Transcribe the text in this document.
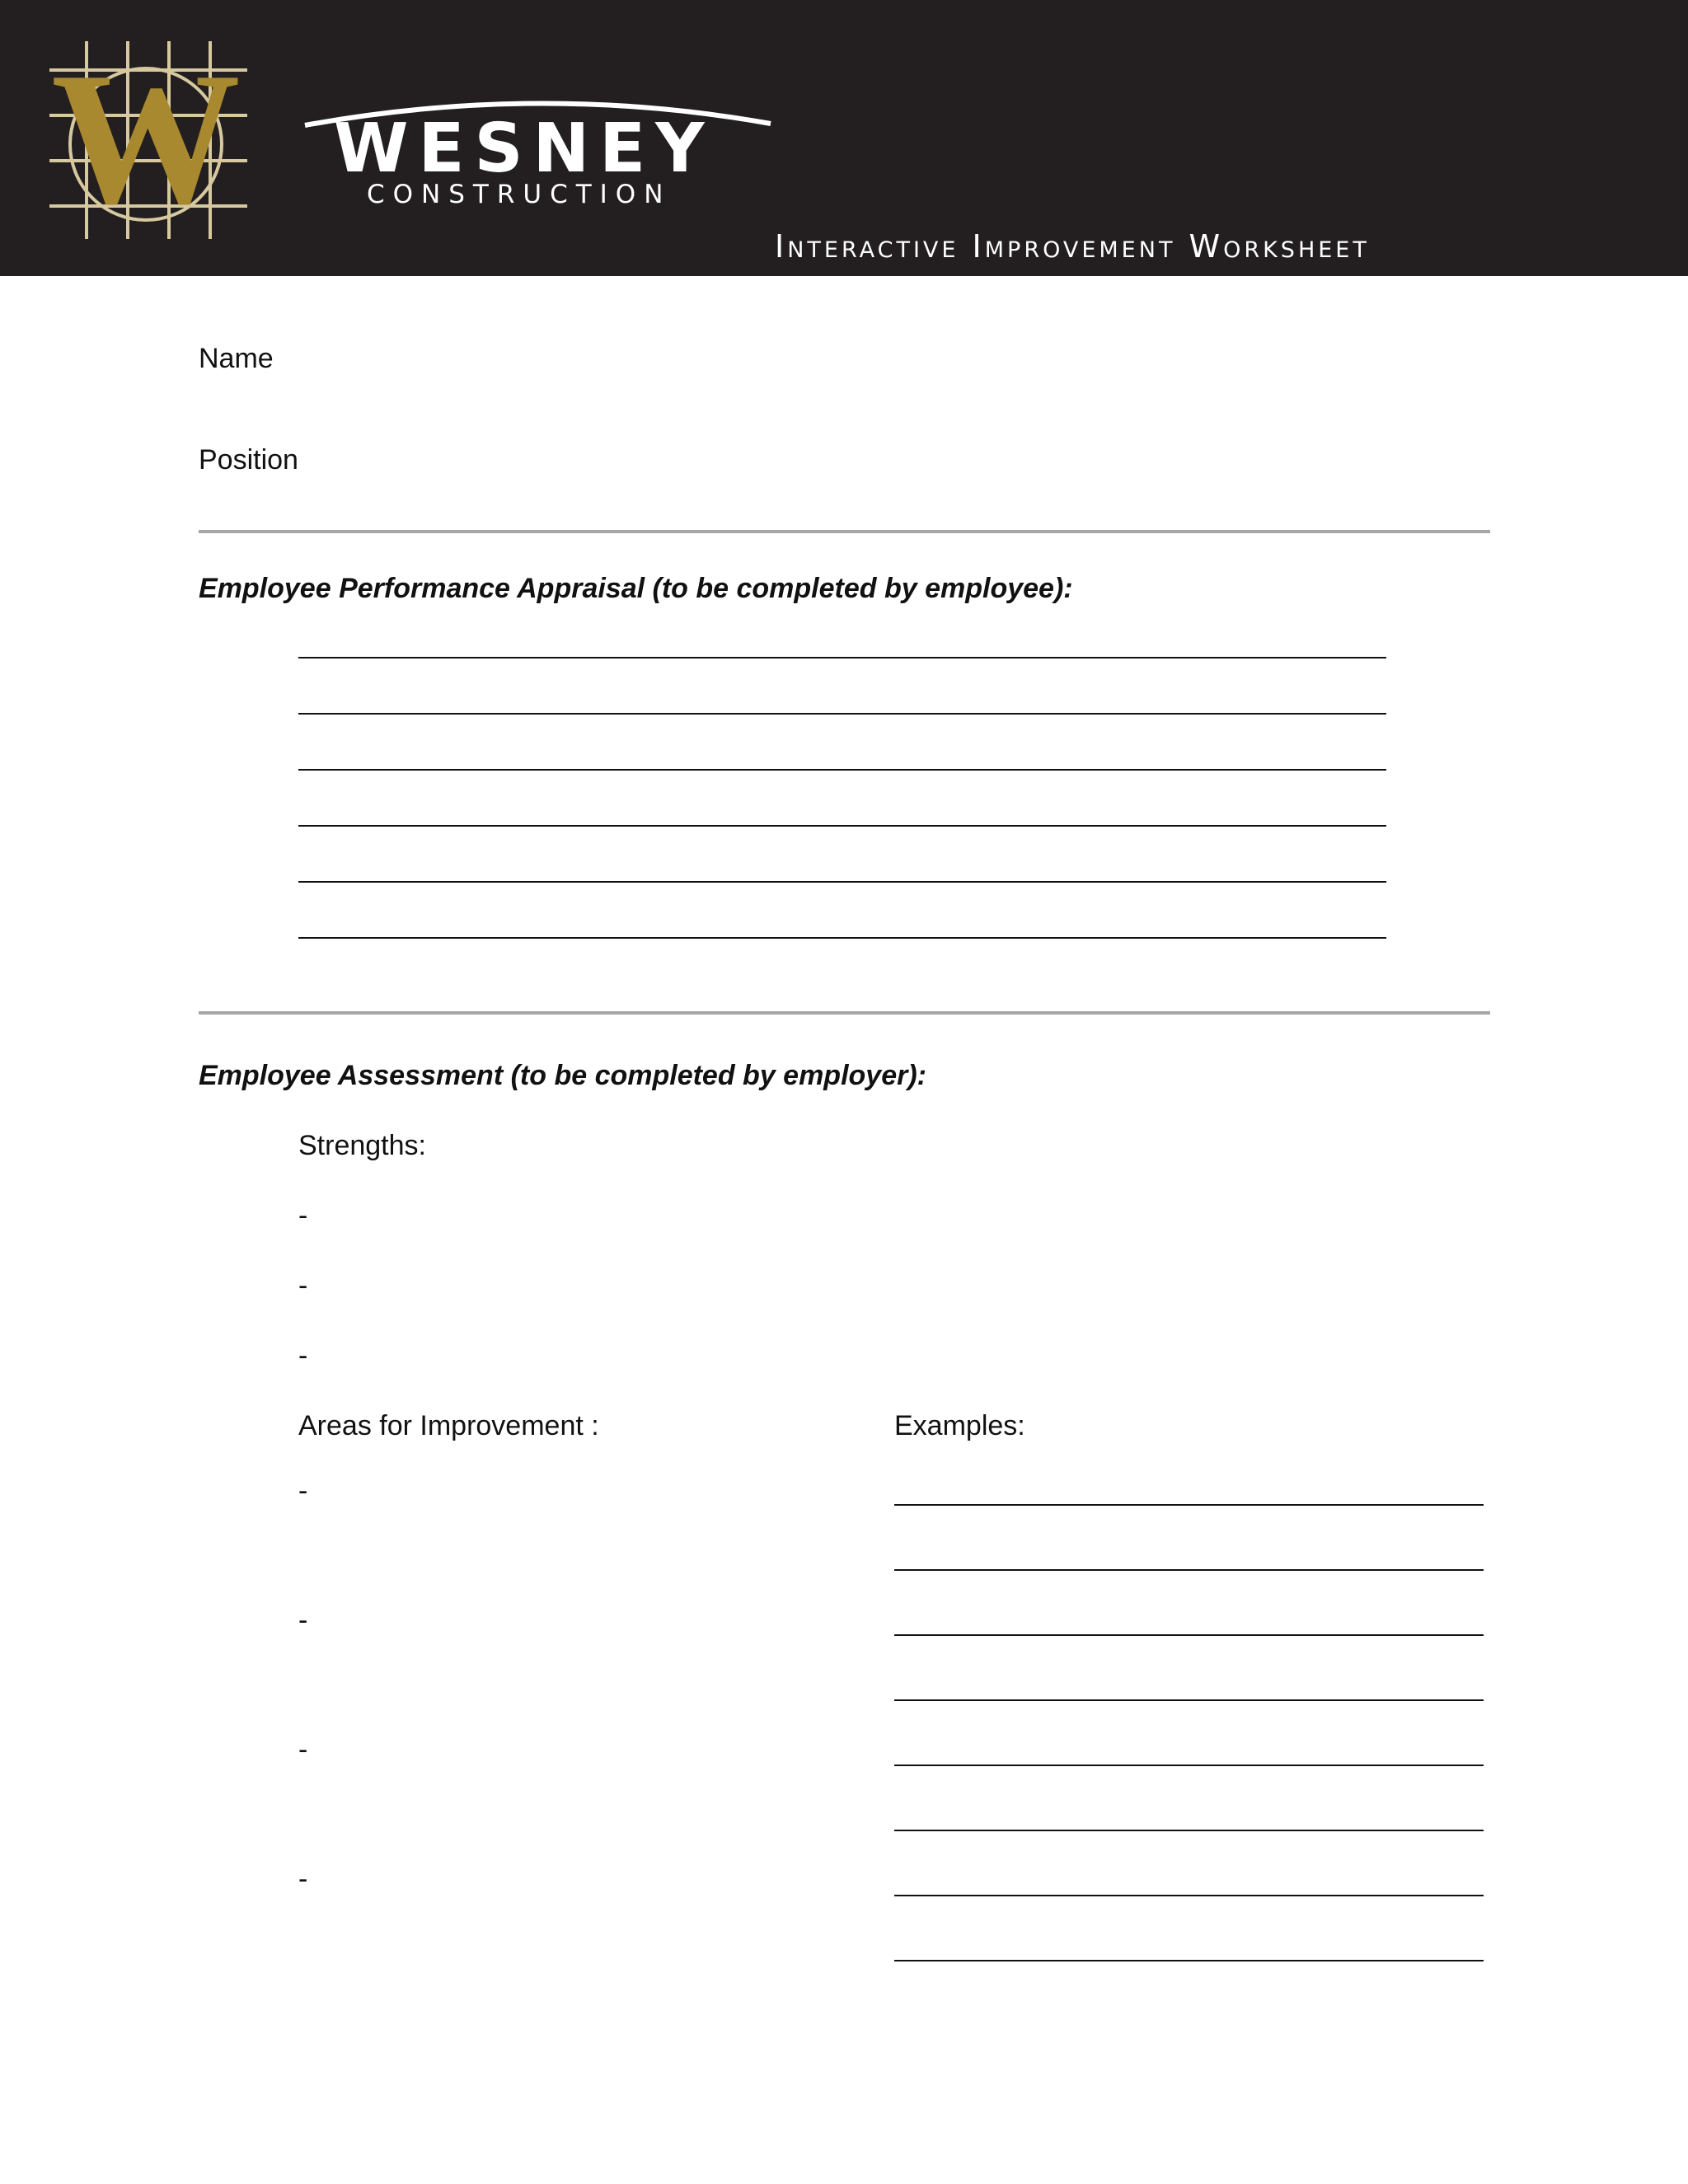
W WESNEY
CONSTRUCTION
Interactive Improvement Worksheet
Name
Position
Employee Performance Appraisal (to be completed by employee):
Employee Assessment (to be completed by employer):
Strengths:
-
-
-
Areas for Improvement :	Examples:
-
-
-
-
